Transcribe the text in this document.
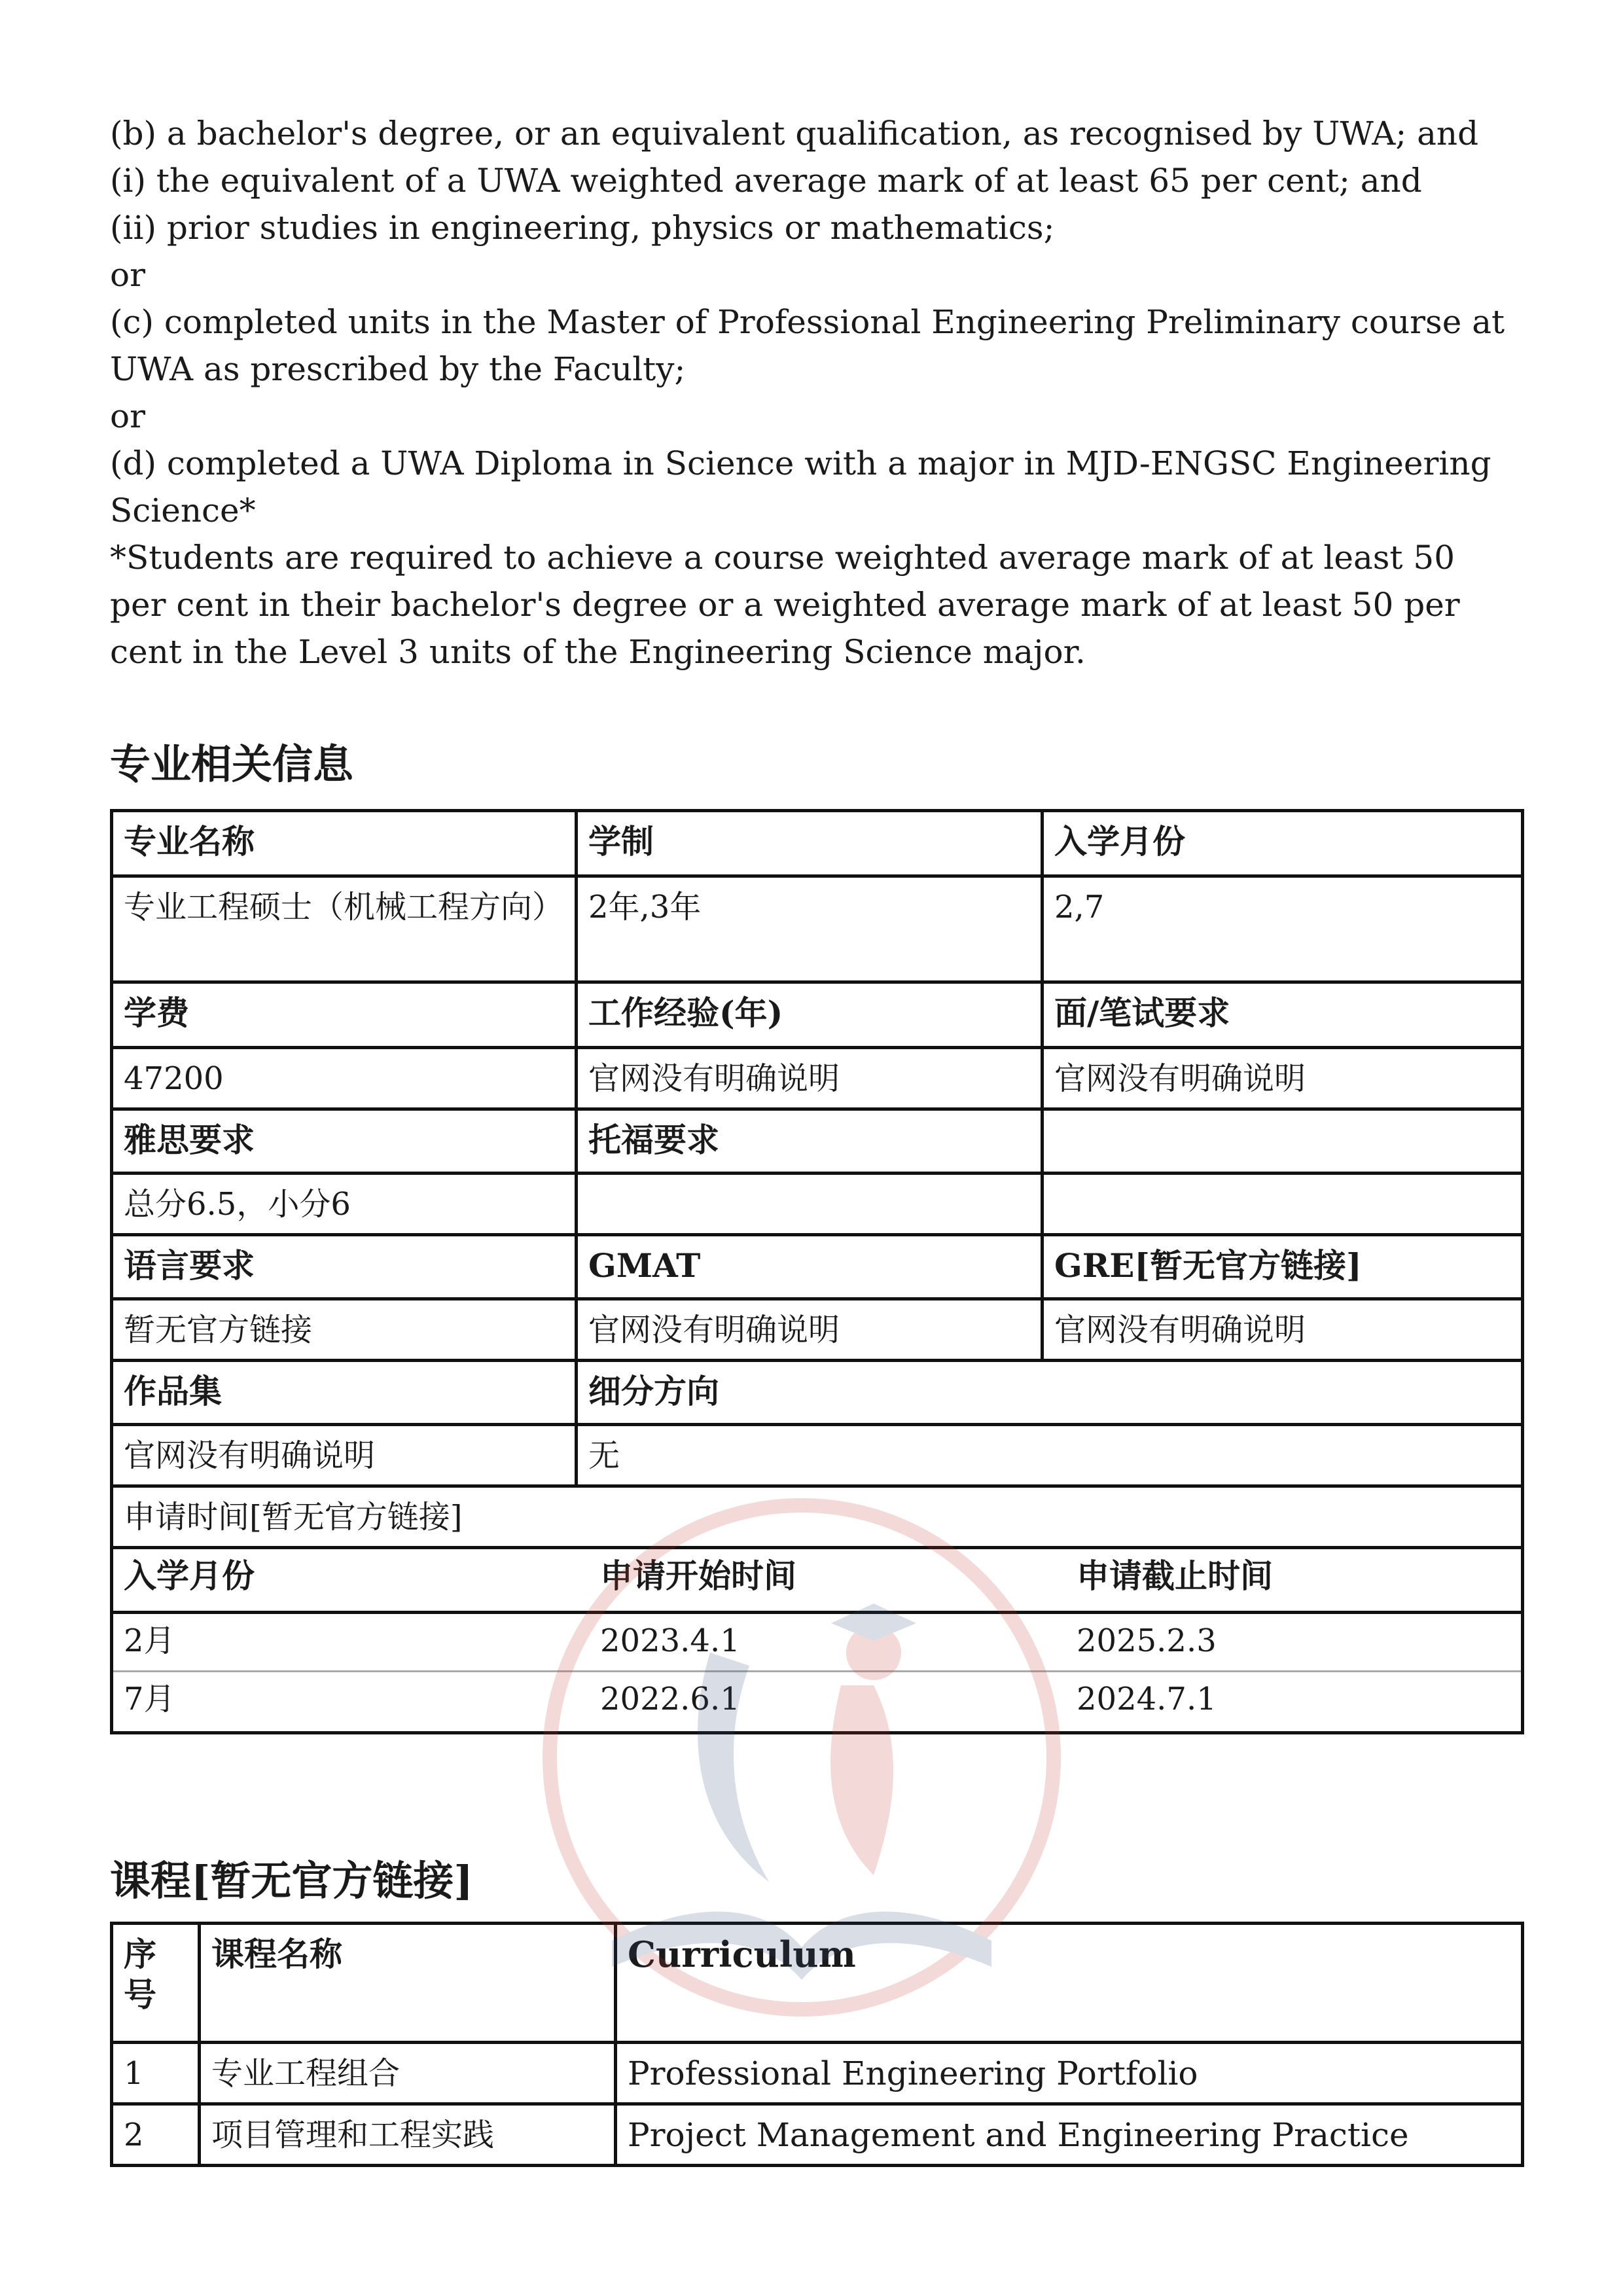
(b) a bachelor's degree, or an equivalent qualification, as recognised by UWA; and

(i) the equivalent of a UWA weighted average mark of at least 65 per cent; and

(ii) prior studies in engineering, physics or mathematics;

or

(c) completed units in the Master of Professional Engineering Preliminary course at UWA as prescribed by the Faculty;

or

(d) completed a UWA Diploma in Science with a major in MJD-ENGSC Engineering Science*

*Students are required to achieve a course weighted average mark of at least 50 per cent in their bachelor's degree or a weighted average mark of at least 50 per cent in the Level 3 units of the Engineering Science major.

专业相关信息
专业名称	学制	入学月份
专业工程硕士（机械工程方向）	2年,3年	2,7
学费	工作经验(年)	面/笔试要求
47200	官网没有明确说明	官网没有明确说明
雅思要求	托福要求	
总分6.5，小分6		
语言要求	GMAT	GRE[暂无官方链接]
暂无官方链接	官网没有明确说明	官网没有明确说明
作品集	细分方向
官网没有明确说明	无
申请时间[暂无官方链接]

入学月份	申请开始时间	申请截止时间
2月	2023.4.1	2025.2.3
7月	2022.6.1	2024.7.1
课程[暂无官方链接]
序号	课程名称	Curriculum
1	专业工程组合	Professional Engineering Portfolio
2	项目管理和工程实践	Project Management and Engineering Practice
